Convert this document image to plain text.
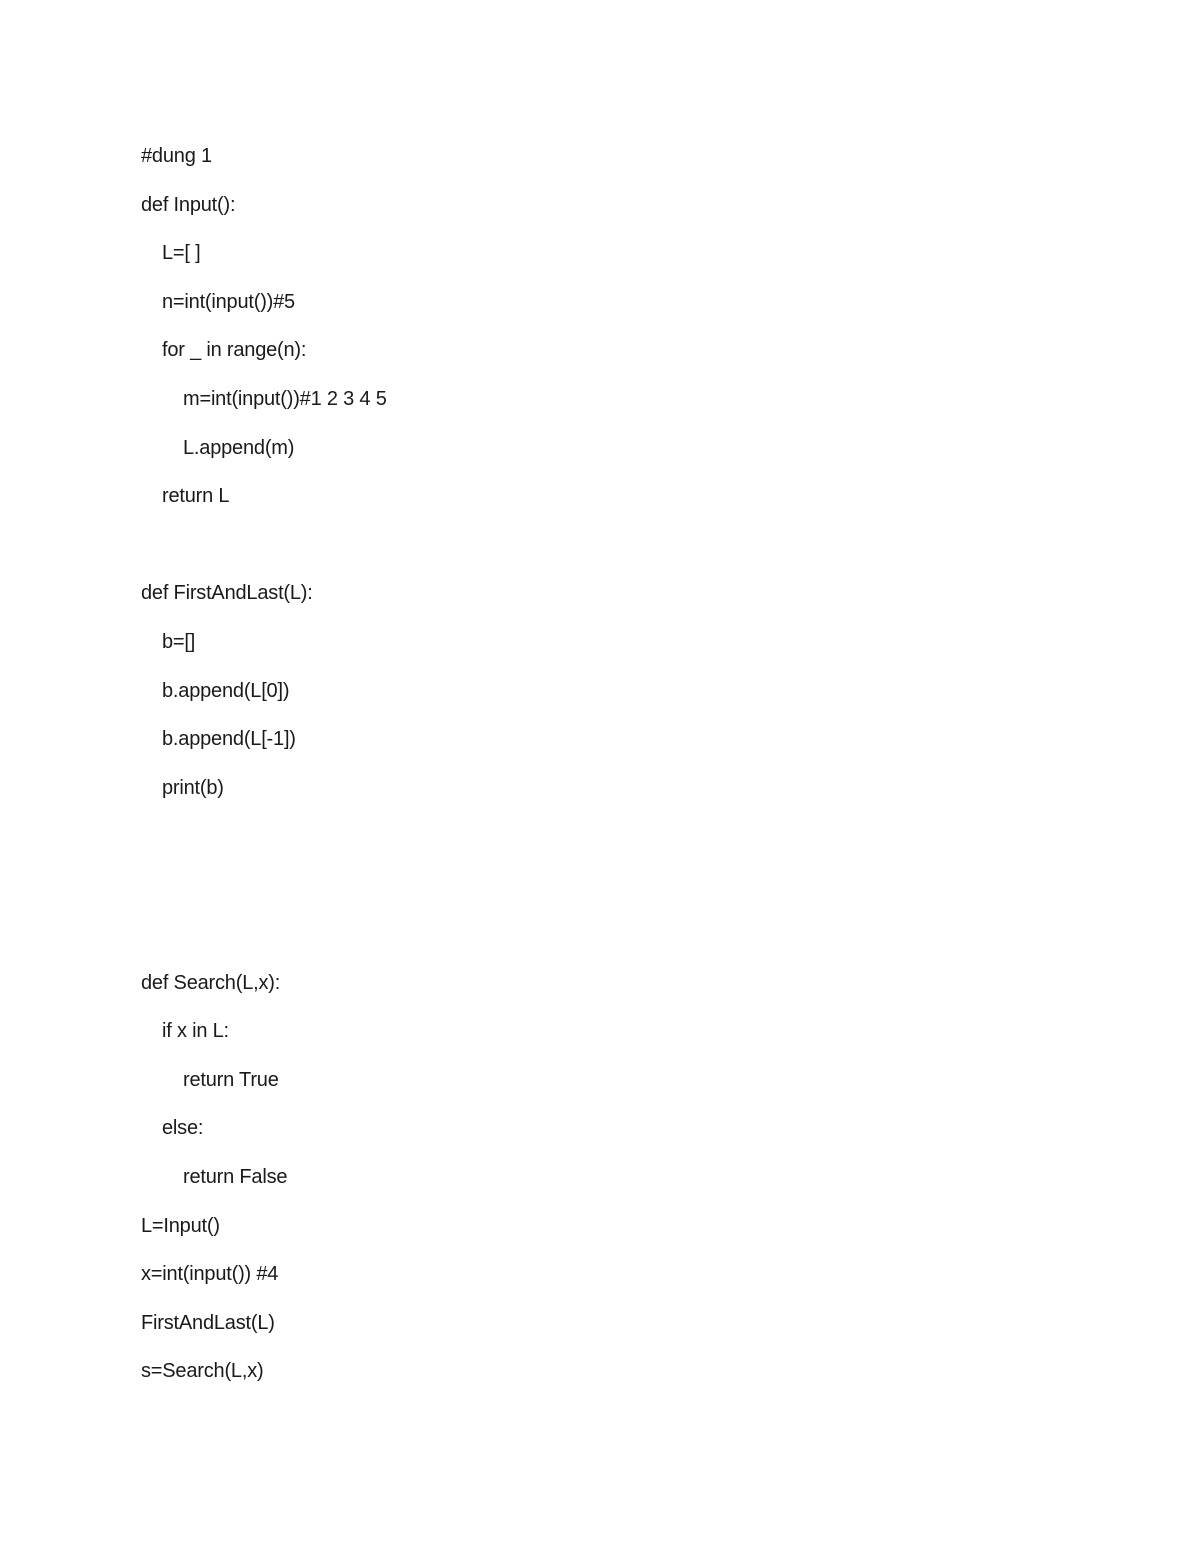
#dung 1
def Input():
L=[ ]
n=int(input())#5
for _ in range(n):
m=int(input())#1 2 3 4 5
L.append(m)
return L
def FirstAndLast(L):
b=[]
b.append(L[0])
b.append(L[-1])
print(b)
def Search(L,x):
if x in L:
return True
else:
return False
L=Input()
x=int(input()) #4
FirstAndLast(L)
s=Search(L,x)
